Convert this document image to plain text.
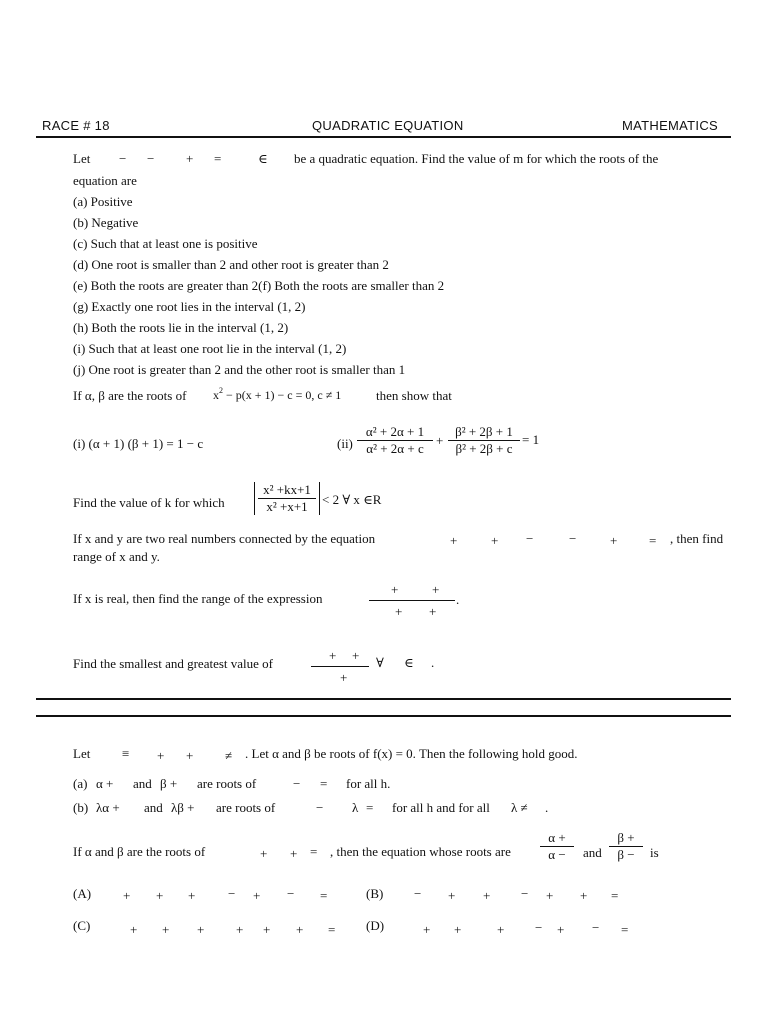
RACE # 18	QUADRATIC EQUATION	MATHEMATICS
Let − − + =	∈ be a quadratic equation. Find the value of m for which the roots of the
equation are
(a) Positive
(b) Negative
(c) Such that at least one is positive
(d) One root is smaller than 2 and other root is greater than 2
(e) Both the roots are greater than 2(f) Both the roots are smaller than 2
(g) Exactly one root lies in the interval (1, 2)
(h) Both the roots lie in the interval (1, 2)
(i) Such that at least one root lie in the interval (1, 2)
(j) One root is greater than 2 and the other root is smaller than 1
If α, β are the roots of $x^2 - p(x + 1) - c = 0$, c ≠ 1	then show that
(i) (α + 1) (β + 1) = 1 − c	(ii)
α² + 2α + 1
α² + 2α + c
+
β² + 2β + 1
β² + 2β + c
= 1
Find the value of k for which
x² +kx+1
x² +x+1	< 2 ∀ x ∈R
If x and y are two real numbers connected by the equation	+	+ −	−	+ = , then find
range of x and y.
If x is real, then find the range of the expression
+	+
+ +
.
Find the smallest and greatest value of
+ +
+
∀ ∈ .
Let ≡ + + ≠ . Let α and β be roots of f(x) = 0. Then the following hold good.
(a) α + and β + are roots of	− = for all h.
(b) λα + and λβ + are roots of	− λ = for all h and for all λ ≠ .
If α and β are the roots of	+ + = , then the equation whose roots are
α +
α −	and
β +
β −	is
(A) + + +	− + − =	(B) − + + − + + =
(C)	+ + + + + + = (D)	+ +	+ − + − =
